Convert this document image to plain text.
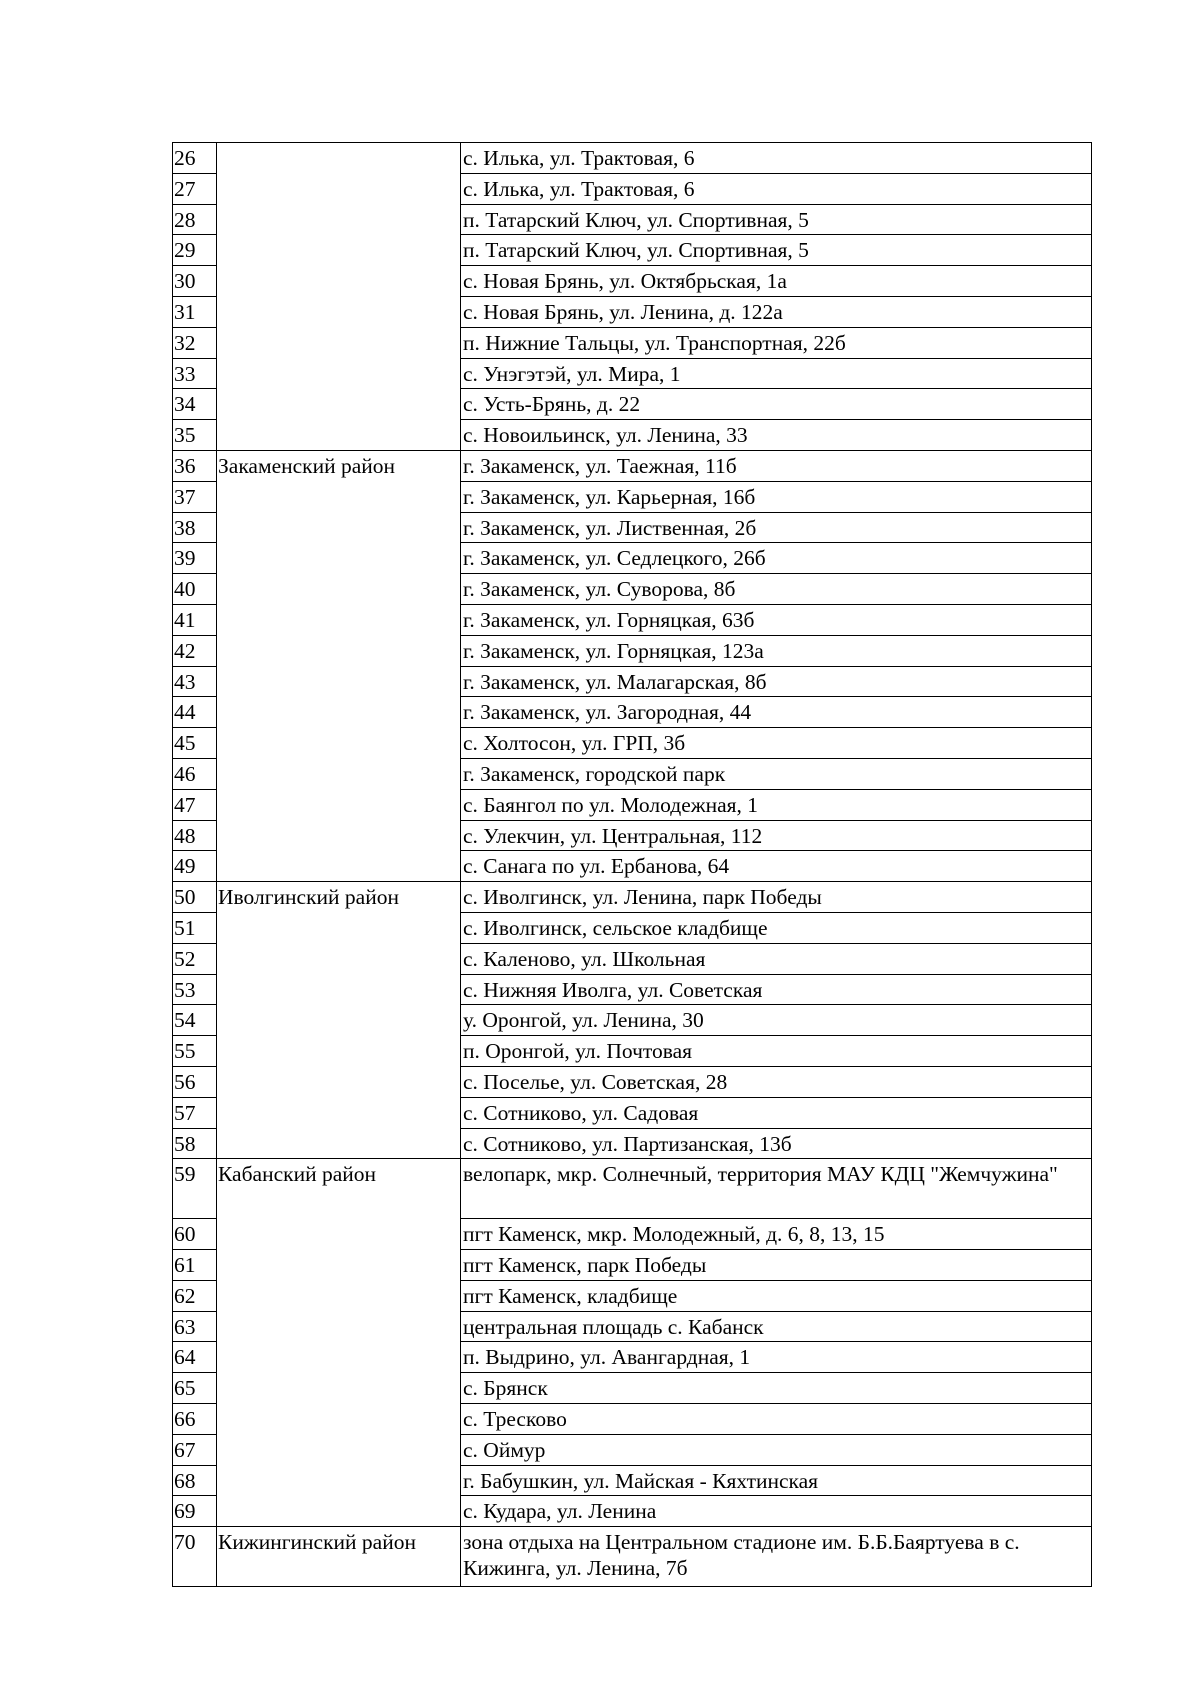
26		с. Илька, ул. Трактовая, 6
27		с. Илька, ул. Трактовая, 6
28		п. Татарский Ключ, ул. Спортивная, 5
29		п. Татарский Ключ, ул. Спортивная, 5
30		с. Новая Брянь, ул. Октябрьская, 1а
31		с. Новая Брянь, ул. Ленина, д. 122а
32		п. Нижние Тальцы, ул. Транспортная, 22б
33		с. Унэгэтэй, ул. Мира, 1
34		с. Усть-Брянь, д. 22
35		с. Новоильинск, ул. Ленина, 33
36	Закаменский район	г. Закаменск, ул. Таежная, 11б
37		г. Закаменск, ул. Карьерная, 16б
38		г. Закаменск, ул. Лиственная, 2б
39		г. Закаменск, ул. Седлецкого, 26б
40		г. Закаменск, ул. Суворова, 8б
41		г. Закаменск, ул. Горняцкая, 63б
42		г. Закаменск, ул. Горняцкая, 123а
43		г. Закаменск, ул. Малагарская, 8б
44		г. Закаменск, ул. Загородная, 44
45		с. Холтосон, ул. ГРП, 3б
46		г. Закаменск, городской парк
47		с. Баянгол по ул. Молодежная, 1
48		с. Улекчин, ул. Центральная, 112
49		с. Санага по ул. Ербанова, 64
50	Иволгинский район	с. Иволгинск, ул. Ленина, парк Победы
51		с. Иволгинск, сельское кладбище
52		с. Каленово, ул. Школьная
53		с. Нижняя Иволга, ул. Советская
54		у. Оронгой, ул. Ленина, 30
55		п. Оронгой, ул. Почтовая
56		с. Поселье, ул. Советская, 28
57		с. Сотниково, ул. Садовая
58		с. Сотниково, ул. Партизанская, 13б
59	Кабанский район	велопарк, мкр. Солнечный, территория МАУ КДЦ "Жемчужина"
60		пгт Каменск, мкр. Молодежный, д. 6, 8, 13, 15
61		пгт Каменск, парк Победы
62		пгт Каменск, кладбище
63		центральная площадь с. Кабанск
64		п. Выдрино, ул. Авангардная, 1
65		с. Брянск
66		с. Тресково
67		с. Оймур
68		г. Бабушкин, ул. Майская - Кяхтинская
69		с. Кудара, ул. Ленина
70	Кижингинский район	зона отдыха на Центральном стадионе им. Б.Б.Баяртуева в с. Кижинга, ул. Ленина, 7б
